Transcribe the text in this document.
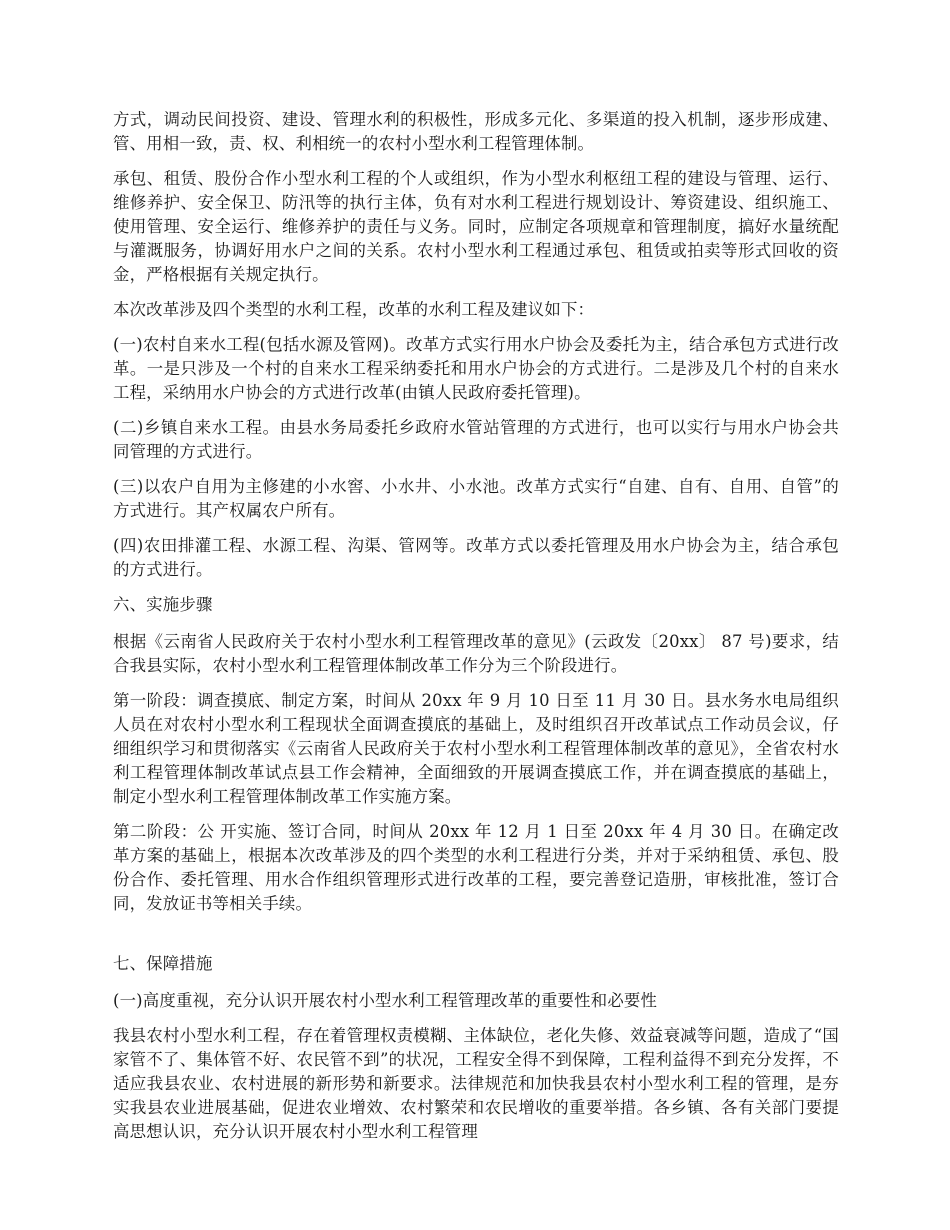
方式，调动民间投资、建设、管理水利的积极性，形成多元化、多渠道的投入机制，逐步形成建、管、用相一致，责、权、利相统一的农村小型水利工程管理体制。

承包、租赁、股份合作小型水利工程的个人或组织，作为小型水利枢纽工程的建设与管理、运行、维修养护、安全保卫、防汛等的执行主体，负有对水利工程进行规划设计、筹资建设、组织施工、使用管理、安全运行、维修养护的责任与义务。同时，应制定各项规章和管理制度，搞好水量统配与灌溉服务，协调好用水户之间的关系。农村小型水利工程通过承包、租赁或拍卖等形式回收的资金，严格根据有关规定执行。

本次改革涉及四个类型的水利工程，改革的水利工程及建议如下：

(一)农村自来水工程(包括水源及管网)。改革方式实行用水户协会及委托为主，结合承包方式进行改革。一是只涉及一个村的自来水工程采纳委托和用水户协会的方式进行。二是涉及几个村的自来水工程，采纳用水户协会的方式进行改革(由镇人民政府委托管理)。

(二)乡镇自来水工程。由县水务局委托乡政府水管站管理的方式进行，也可以实行与用水户协会共同管理的方式进行。

(三)以农户自用为主修建的小水窖、小水井、小水池。改革方式实行“自建、自有、自用、自管”的方式进行。其产权属农户所有。

(四)农田排灌工程、水源工程、沟渠、管网等。改革方式以委托管理及用水户协会为主，结合承包的方式进行。

六、实施步骤

根据《云南省人民政府关于农村小型水利工程管理改革的意见》(云政发〔20xx〕 87 号)要求，结合我县实际，农村小型水利工程管理体制改革工作分为三个阶段进行。

第一阶段：调查摸底、制定方案，时间从 20xx 年 9 月 10 日至 11 月 30 日。县水务水电局组织人员在对农村小型水利工程现状全面调查摸底的基础上，及时组织召开改革试点工作动员会议，仔细组织学习和贯彻落实《云南省人民政府关于农村小型水利工程管理体制改革的意见》，全省农村水利工程管理体制改革试点县工作会精神，全面细致的开展调查摸底工作，并在调查摸底的基础上，制定小型水利工程管理体制改革工作实施方案。

第二阶段：公 开实施、签订合同，时间从 20xx 年 12 月 1 日至 20xx 年 4 月 30 日。在确定改革方案的基础上，根据本次改革涉及的四个类型的水利工程进行分类，并对于采纳租赁、承包、股份合作、委托管理、用水合作组织管理形式进行改革的工程，要完善登记造册，审核批准，签订合同，发放证书等相关手续。

七、保障措施

(一)高度重视，充分认识开展农村小型水利工程管理改革的重要性和必要性

我县农村小型水利工程，存在着管理权责模糊、主体缺位，老化失修、效益衰减等问题，造成了“国家管不了、集体管不好、农民管不到”的状况，工程安全得不到保障，工程利益得不到充分发挥，不适应我县农业、农村进展的新形势和新要求。法律规范和加快我县农村小型水利工程的管理，是夯实我县农业进展基础，促进农业增效、农村繁荣和农民增收的重要举措。各乡镇、各有关部门要提高思想认识，充分认识开展农村小型水利工程管理
